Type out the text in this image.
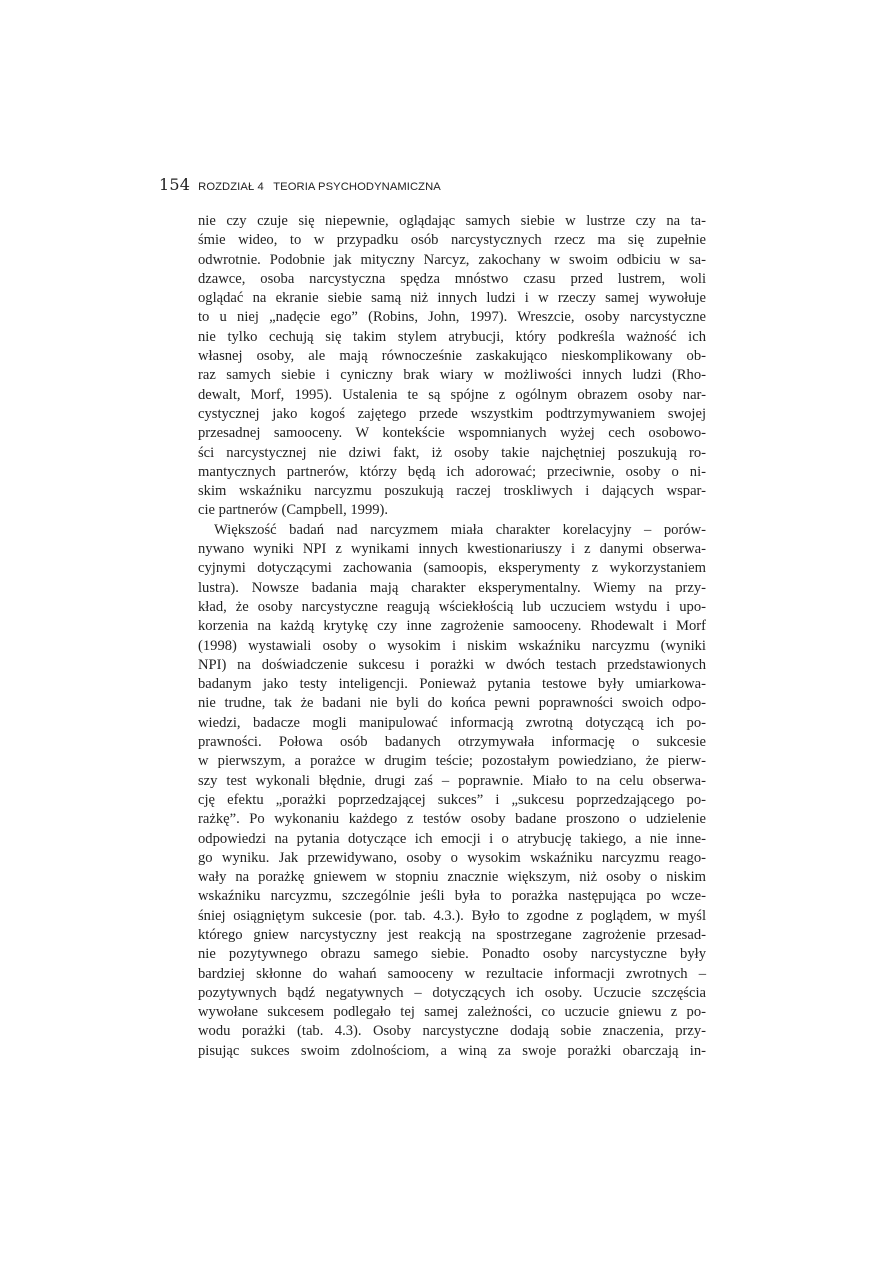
154 ROZDZIAŁ 4   TEORIA PSYCHODYNAMICZNA
nie czy czuje się niepewnie, oglądając samych siebie w lustrze czy na ta-
śmie wideo, to w przypadku osób narcystycznych rzecz ma się zupełnie
odwrotnie. Podobnie jak mityczny Narcyz, zakochany w swoim odbiciu w sa-
dzawce, osoba narcystyczna spędza mnóstwo czasu przed lustrem, woli
oglądać na ekranie siebie samą niż innych ludzi i w rzeczy samej wywołuje
to u niej „nadęcie ego” (Robins, John, 1997). Wreszcie, osoby narcystyczne
nie tylko cechują się takim stylem atrybucji, który podkreśla ważność ich
własnej osoby, ale mają równocześnie zaskakująco nieskomplikowany ob-
raz samych siebie i cyniczny brak wiary w możliwości innych ludzi (Rho-
dewalt, Morf, 1995). Ustalenia te są spójne z ogólnym obrazem osoby nar-
cystycznej jako kogoś zajętego przede wszystkim podtrzymywaniem swojej
przesadnej samooceny. W kontekście wspomnianych wyżej cech osobowo-
ści narcystycznej nie dziwi fakt, iż osoby takie najchętniej poszukują ro-
mantycznych partnerów, którzy będą ich adorować; przeciwnie, osoby o ni-
skim wskaźniku narcyzmu poszukują raczej troskliwych i dających wspar-
cie partnerów (Campbell, 1999).
Większość badań nad narcyzmem miała charakter korelacyjny – porów-
nywano wyniki NPI z wynikami innych kwestionariuszy i z danymi obserwa-
cyjnymi dotyczącymi zachowania (samoopis, eksperymenty z wykorzystaniem
lustra). Nowsze badania mają charakter eksperymentalny. Wiemy na przy-
kład, że osoby narcystyczne reagują wściekłością lub uczuciem wstydu i upo-
korzenia na każdą krytykę czy inne zagrożenie samooceny. Rhodewalt i Morf
(1998) wystawiali osoby o wysokim i niskim wskaźniku narcyzmu (wyniki
NPI) na doświadczenie sukcesu i porażki w dwóch testach przedstawionych
badanym jako testy inteligencji. Ponieważ pytania testowe były umiarkowa-
nie trudne, tak że badani nie byli do końca pewni poprawności swoich odpo-
wiedzi, badacze mogli manipulować informacją zwrotną dotyczącą ich po-
prawności. Połowa osób badanych otrzymywała informację o sukcesie
w pierwszym, a porażce w drugim teście; pozostałym powiedziano, że pierw-
szy test wykonali błędnie, drugi zaś – poprawnie. Miało to na celu obserwa-
cję efektu „porażki poprzedzającej sukces” i „sukcesu poprzedzającego po-
rażkę”. Po wykonaniu każdego z testów osoby badane proszono o udzielenie
odpowiedzi na pytania dotyczące ich emocji i o atrybucję takiego, a nie inne-
go wyniku. Jak przewidywano, osoby o wysokim wskaźniku narcyzmu reago-
wały na porażkę gniewem w stopniu znacznie większym, niż osoby o niskim
wskaźniku narcyzmu, szczególnie jeśli była to porażka następująca po wcze-
śniej osiągniętym sukcesie (por. tab. 4.3.). Było to zgodne z poglądem, w myśl
którego gniew narcystyczny jest reakcją na spostrzegane zagrożenie przesad-
nie pozytywnego obrazu samego siebie. Ponadto osoby narcystyczne były
bardziej skłonne do wahań samooceny w rezultacie informacji zwrotnych –
pozytywnych bądź negatywnych – dotyczących ich osoby. Uczucie szczęścia
wywołane sukcesem podlegało tej samej zależności, co uczucie gniewu z po-
wodu porażki (tab. 4.3). Osoby narcystyczne dodają sobie znaczenia, przy-
pisując sukces swoim zdolnościom, a winą za swoje porażki obarczają in-
